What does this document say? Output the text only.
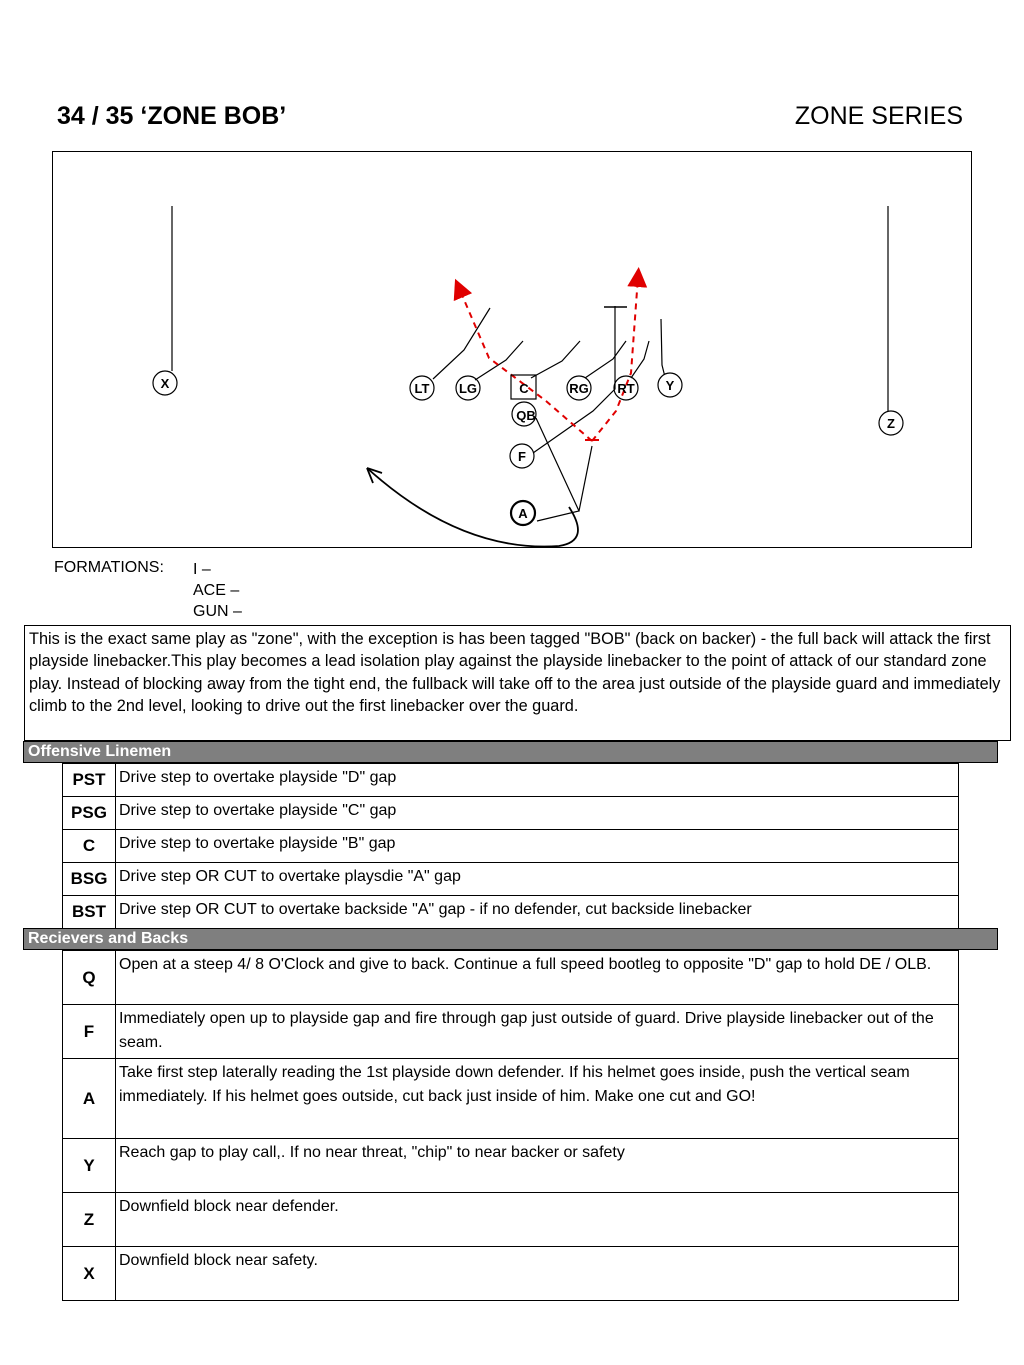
34 / 35 ‘ZONE BOB’	ZONE SERIES
X	LT LG	C	RG RT Y
QB
F
A
Z
FORMATIONS: I –
ACE –
GUN –
This is the exact same play as "zone", with the exception is has been tagged "BOB" (back on backer) - the full back will attack the first playside linebacker.This play becomes a lead isolation play against the playside linebacker to the point of attack of our standard zone play. Instead of blocking away from the tight end, the fullback will take off to the area just outside of the playside guard and immediately climb to the 2nd level, looking to drive out the first linebacker over the guard.
Offensive Linemen
PST	Drive step to overtake playside "D" gap
PSG	Drive step to overtake playside "C" gap
C	Drive step to overtake playside "B" gap
BSG	Drive step OR CUT to overtake playsdie "A" gap
BST	Drive step OR CUT to overtake backside "A" gap - if no defender, cut backside linebacker
Recievers and Backs
Q	Open at a steep 4/ 8 O'Clock and give to back. Continue a full speed bootleg to opposite "D" gap to hold DE / OLB.
F	Immediately open up to playside gap and fire through gap just outside of guard. Drive playside linebacker out of the seam.
A	Take first step laterally reading the 1st playside down defender. If his helmet goes inside, push the vertical seam immediately. If his helmet goes outside, cut back just inside of him. Make one cut and GO!
Y	Reach gap to play call,. If no near threat, "chip" to near backer or safety
Z	Downfield block near defender.
X	Downfield block near safety.
